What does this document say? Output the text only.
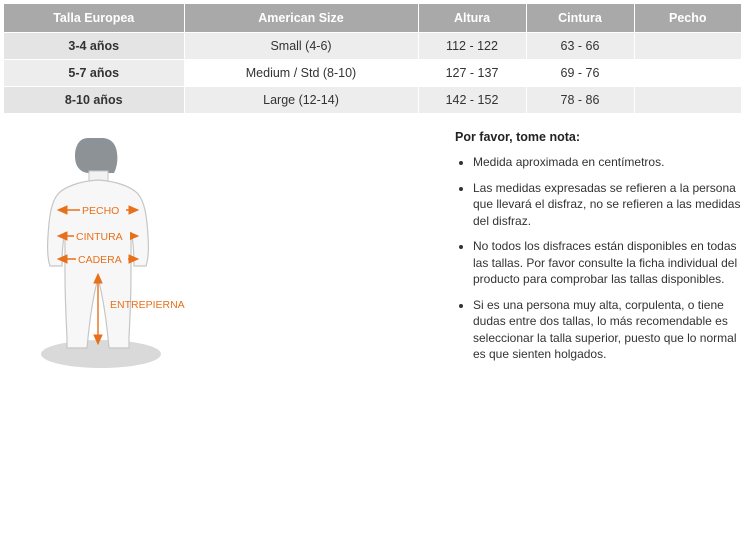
Talla Europea	American Size	Altura	Cintura	Pecho
3-4 años	Small (4-6)	112 - 122	63 - 66	
5-7 años	Medium / Std (8-10)	127 - 137	69 - 76	
8-10 años	Large (12-14)	142 - 152	78 - 86	
PECHO
CINTURA
CADERA
ENTREPIERNA
Por favor, tome nota:
• Medida aproximada en centímetros.
• Las medidas expresadas se refieren a la persona que llevará el disfraz, no se refieren a las medidas del disfraz.
• No todos los disfraces están disponibles en todas las tallas. Por favor consulte la ficha individual del producto para comprobar las tallas disponibles.
• Si es una persona muy alta, corpulenta, o tiene dudas entre dos tallas, lo más recomendable es seleccionar la talla superior, puesto que lo normal es que sienten holgados.
